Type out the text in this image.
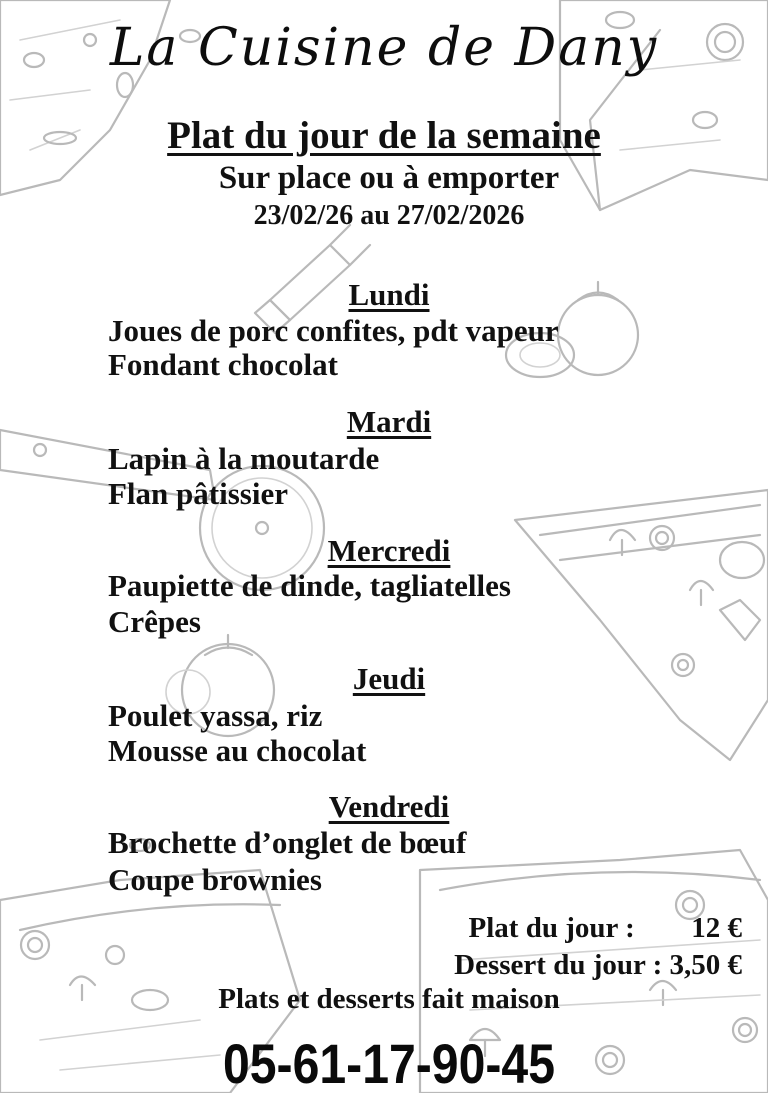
La Cuisine de Dany
Plat du jour de la semaine
Sur place ou à emporter
23/02/26 au 27/02/2026
Lundi
Joues de porc confites, pdt vapeur
Fondant chocolat
Mardi
Lapin à la moutarde
Flan pâtissier
Mercredi
Paupiette de dinde, tagliatelles
Crêpes
Jeudi
Poulet yassa, riz
Mousse au chocolat
Vendredi
Brochette d’onglet de bœuf
Coupe brownies
Plat du jour : 12 €
Dessert du jour : 3,50 €
Plats et desserts fait maison
05-61-17-90-45
